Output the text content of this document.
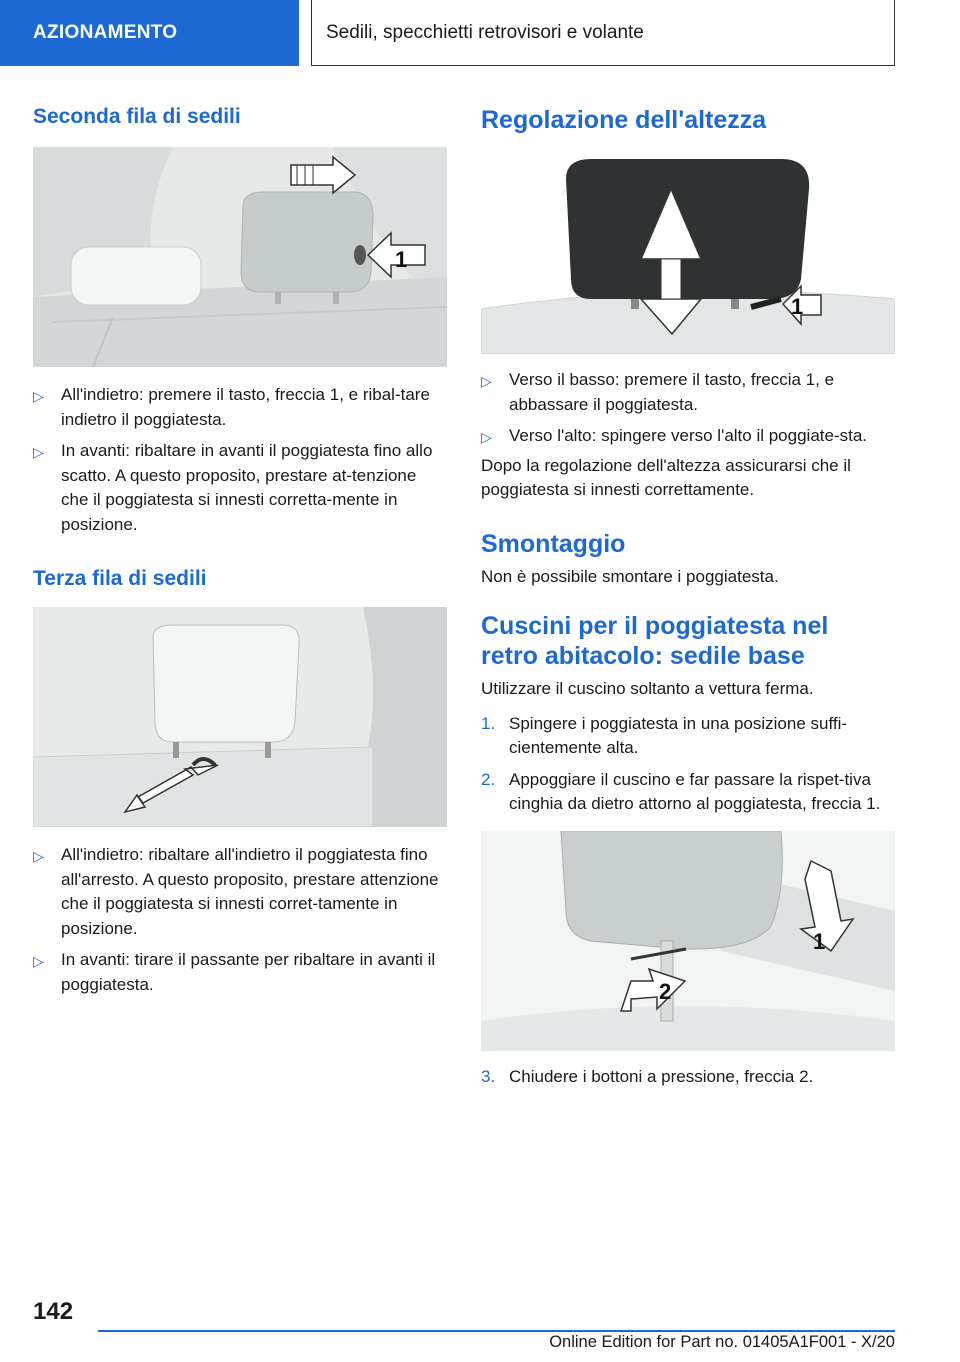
AZIONAMENTO	Sedili, specchietti retrovisori e volante
Seconda fila di sedili
1
▷ All'indietro: premere il tasto, freccia 1, e ribal-tare indietro il poggiatesta.
▷ In avanti: ribaltare in avanti il poggiatesta fino allo scatto. A questo proposito, prestare at-tenzione che il poggiatesta si innesti corretta-mente in posizione.
Terza fila di sedili
▷ All'indietro: ribaltare all'indietro il poggiatesta fino all'arresto. A questo proposito, prestare attenzione che il poggiatesta si innesti corret-tamente in posizione.
▷ In avanti: tirare il passante per ribaltare in avanti il poggiatesta.
Regolazione dell'altezza
1
▷ Verso il basso: premere il tasto, freccia 1, e abbassare il poggiatesta.
▷ Verso l'alto: spingere verso l'alto il poggiate-sta.

Dopo la regolazione dell'altezza assicurarsi che il poggiatesta si innesti correttamente.

Smontaggio

Non è possibile smontare i poggiatesta.

Cuscini per il poggiatesta nel
retro abitacolo: sedile base

Utilizzare il cuscino soltanto a vettura ferma.

1. Spingere i poggiatesta in una posizione suffi-cientemente alta.
2. Appoggiare il cuscino e far passare la rispet-tiva cinghia da dietro attorno al poggiatesta, freccia 1.
1
2
3. Chiudere i bottoni a pressione, freccia 2.
142
Online Edition for Part no. 01405A1F001 - X/20
